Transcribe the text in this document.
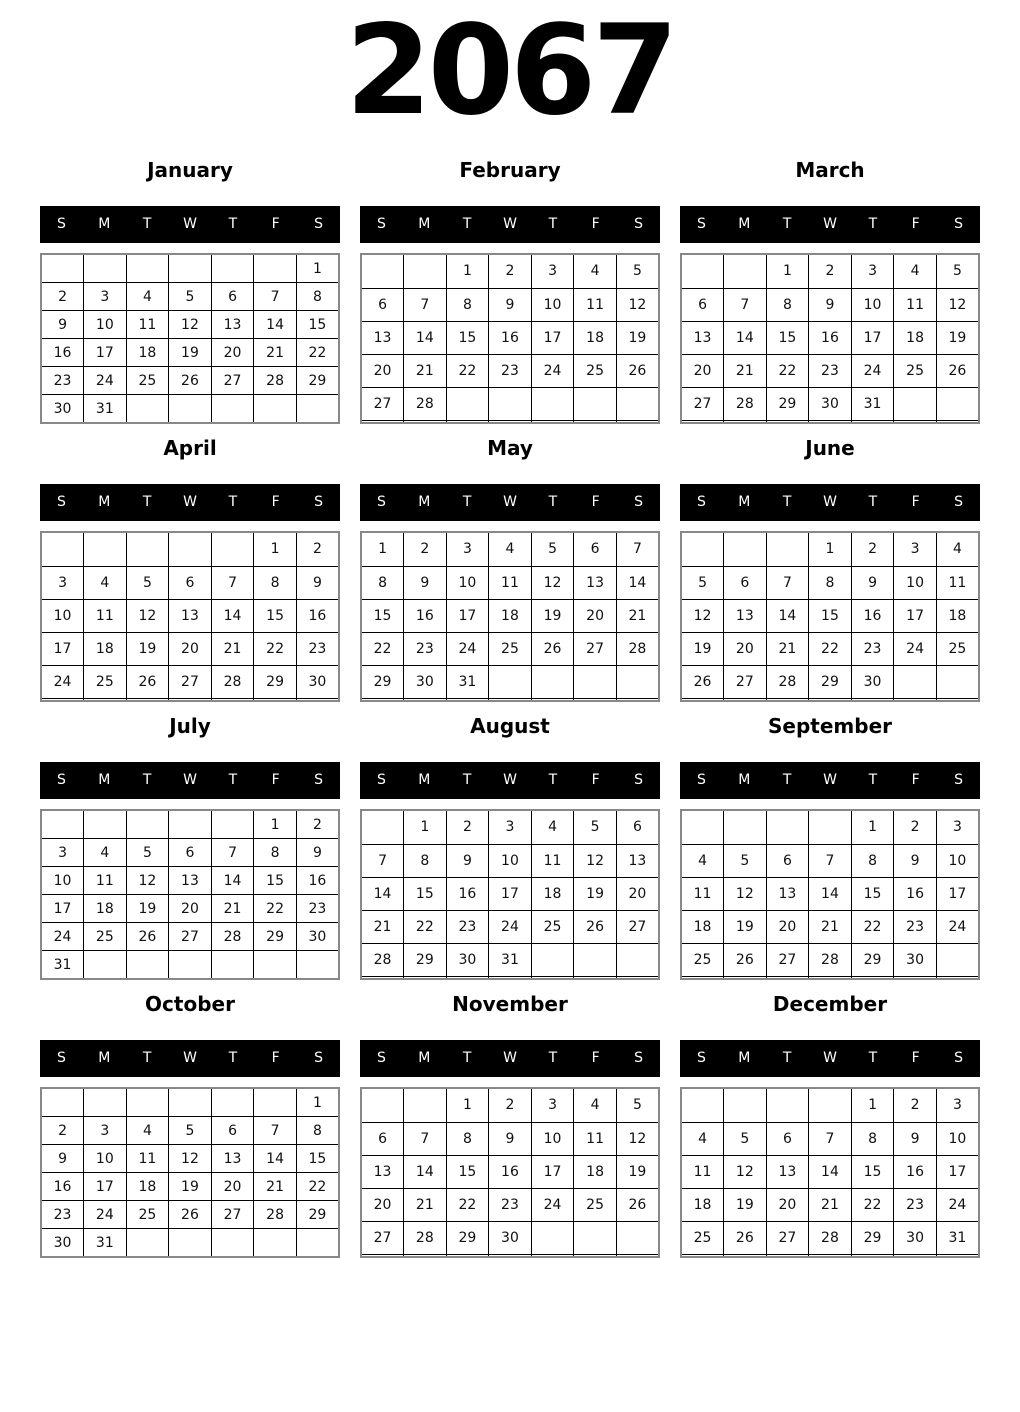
2067
January
S	M	T	W	T	F	S
						1
2	3	4	5	6	7	8
9	10	11	12	13	14	15
16	17	18	19	20	21	22
23	24	25	26	27	28	29
30	31					
February
S	M	T	W	T	F	S
		1	2	3	4	5
6	7	8	9	10	11	12
13	14	15	16	17	18	19
20	21	22	23	24	25	26
27	28					

March
S	M	T	W	T	F	S
		1	2	3	4	5
6	7	8	9	10	11	12
13	14	15	16	17	18	19
20	21	22	23	24	25	26
27	28	29	30	31		

April
S	M	T	W	T	F	S
					1	2
3	4	5	6	7	8	9
10	11	12	13	14	15	16
17	18	19	20	21	22	23
24	25	26	27	28	29	30

May
S	M	T	W	T	F	S
1	2	3	4	5	6	7
8	9	10	11	12	13	14
15	16	17	18	19	20	21
22	23	24	25	26	27	28
29	30	31				

June
S	M	T	W	T	F	S
			1	2	3	4
5	6	7	8	9	10	11
12	13	14	15	16	17	18
19	20	21	22	23	24	25
26	27	28	29	30		

July
S	M	T	W	T	F	S
					1	2
3	4	5	6	7	8	9
10	11	12	13	14	15	16
17	18	19	20	21	22	23
24	25	26	27	28	29	30
31						
August
S	M	T	W	T	F	S
	1	2	3	4	5	6
7	8	9	10	11	12	13
14	15	16	17	18	19	20
21	22	23	24	25	26	27
28	29	30	31			

September
S	M	T	W	T	F	S
				1	2	3
4	5	6	7	8	9	10
11	12	13	14	15	16	17
18	19	20	21	22	23	24
25	26	27	28	29	30	

October
S	M	T	W	T	F	S
						1
2	3	4	5	6	7	8
9	10	11	12	13	14	15
16	17	18	19	20	21	22
23	24	25	26	27	28	29
30	31					
November
S	M	T	W	T	F	S
		1	2	3	4	5
6	7	8	9	10	11	12
13	14	15	16	17	18	19
20	21	22	23	24	25	26
27	28	29	30			

December
S	M	T	W	T	F	S
				1	2	3
4	5	6	7	8	9	10
11	12	13	14	15	16	17
18	19	20	21	22	23	24
25	26	27	28	29	30	31
